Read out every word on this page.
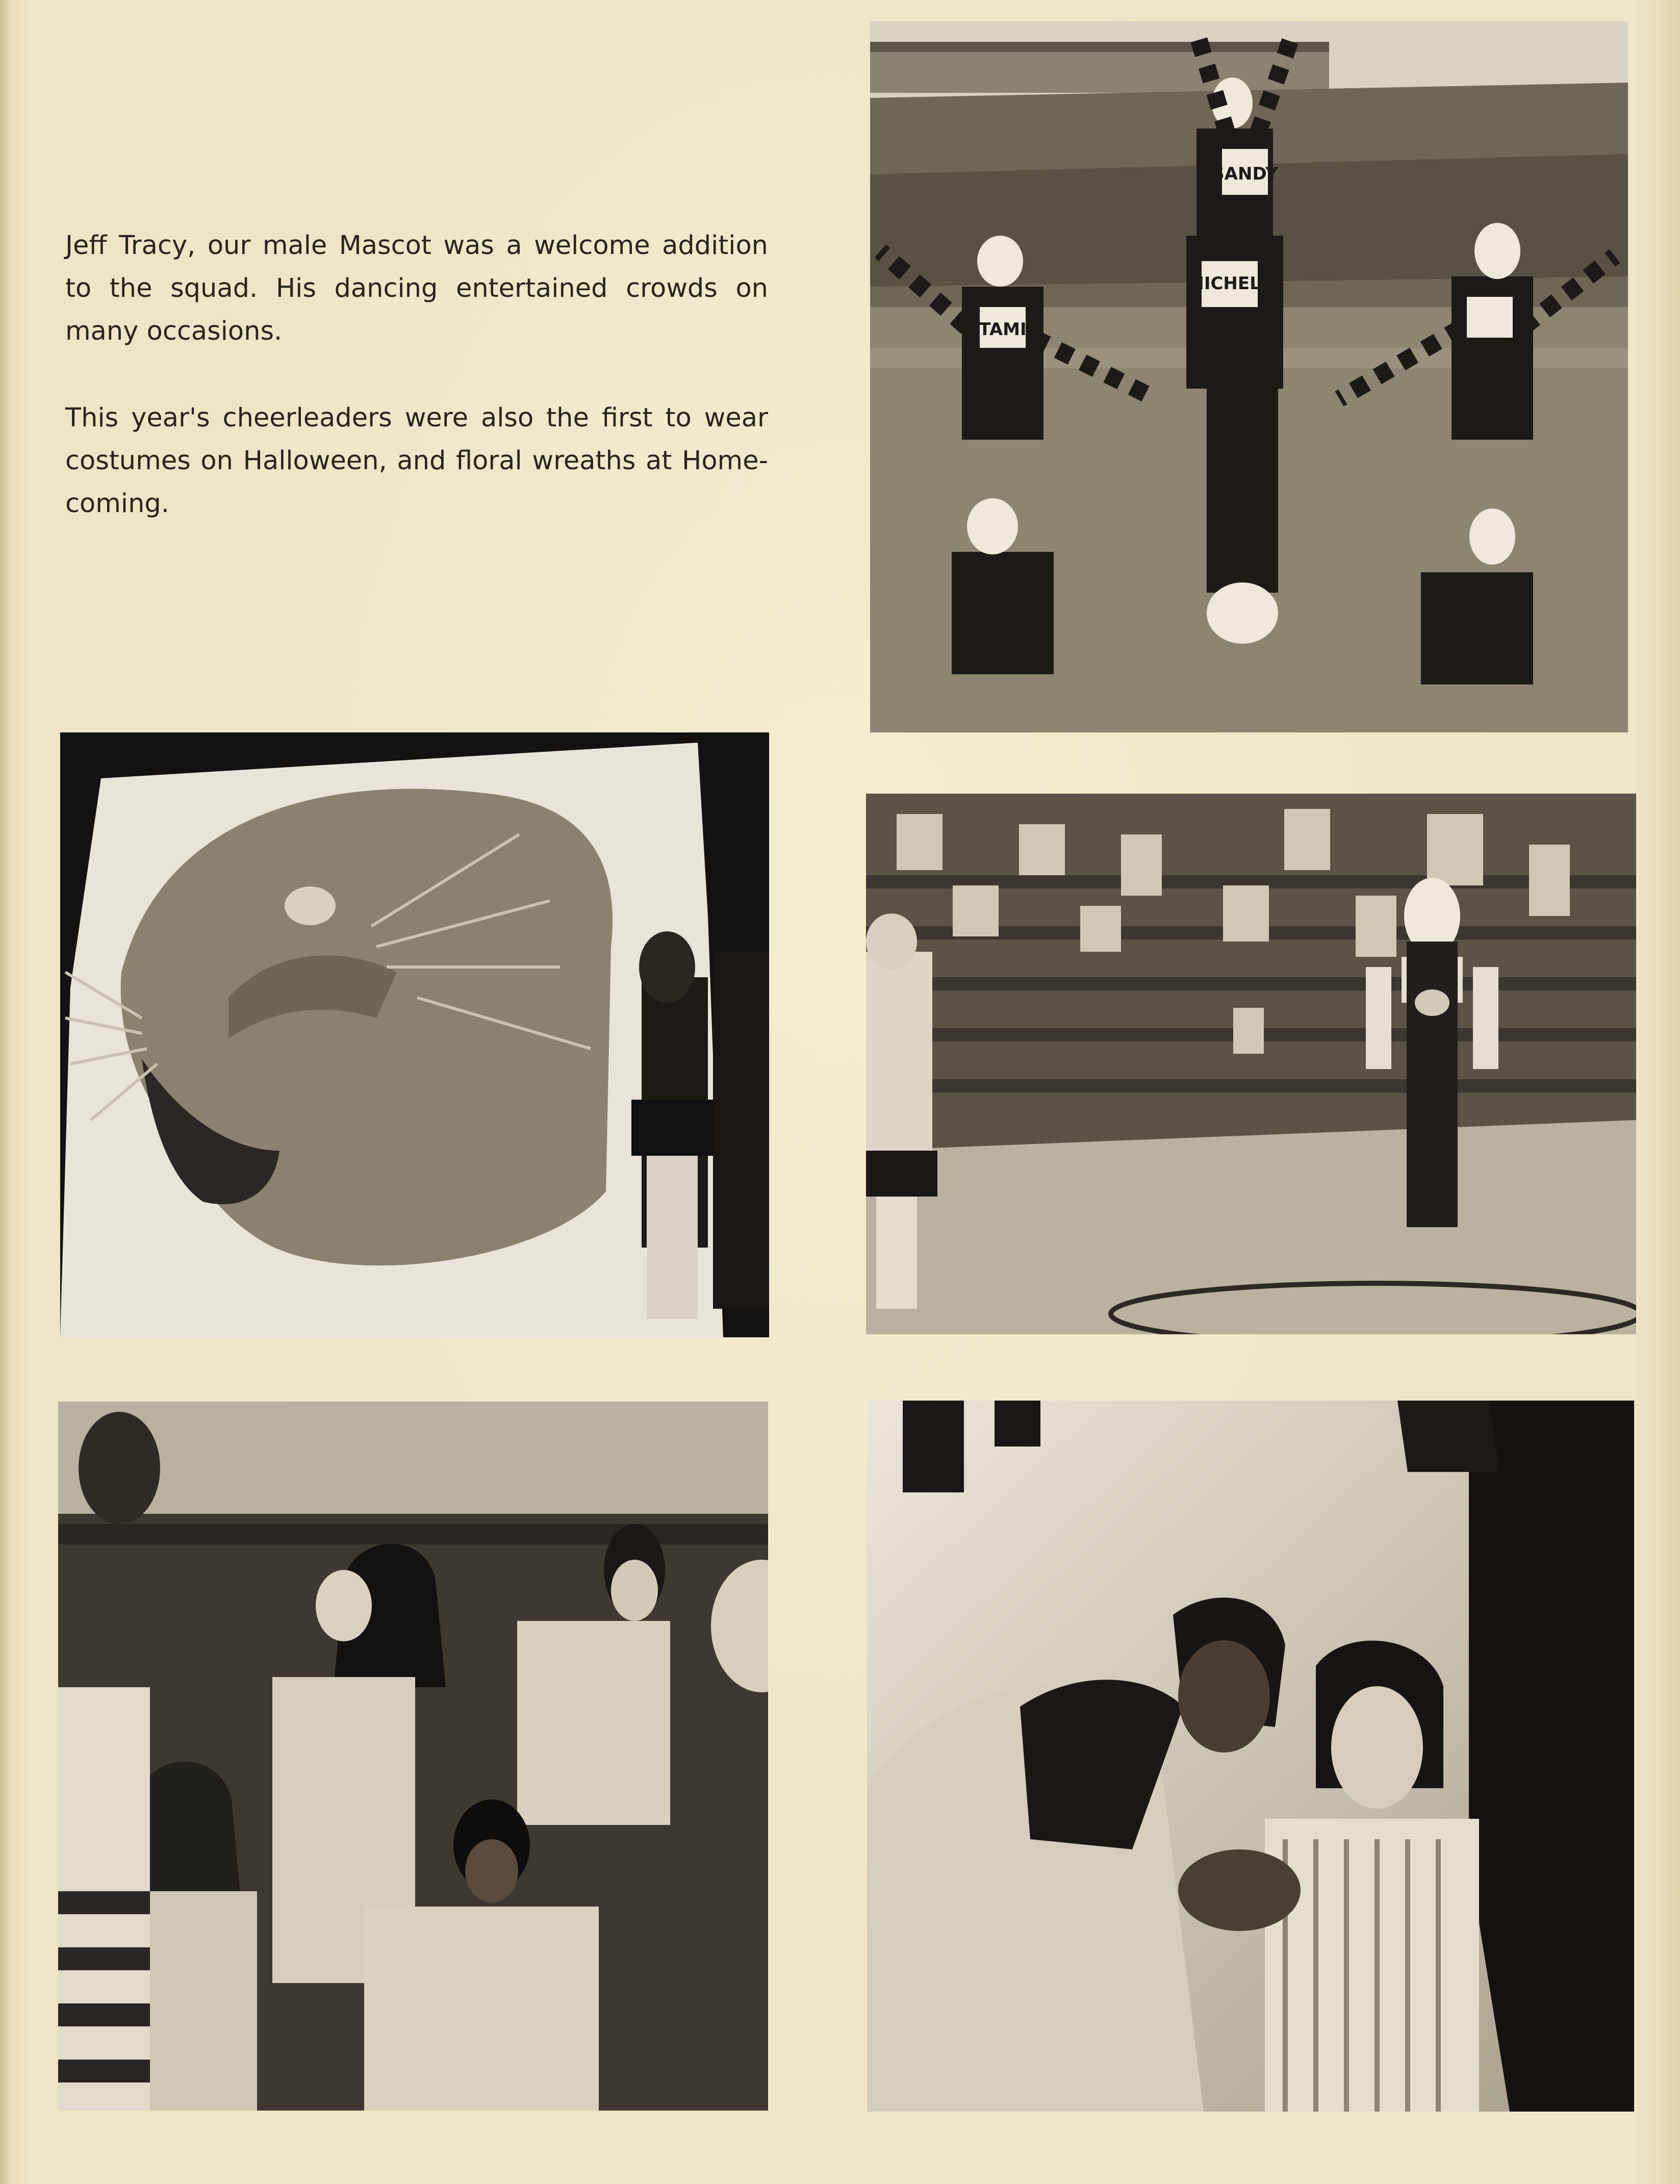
Jeff Tracy, our male Mascot was a welcome addition to the squad. His dancing entertained crowds on many occasions.

This year's cheerleaders were also the first to wear costumes on Halloween, and floral wreaths at Home-coming.

SANDY
TAMI
MICHELE
